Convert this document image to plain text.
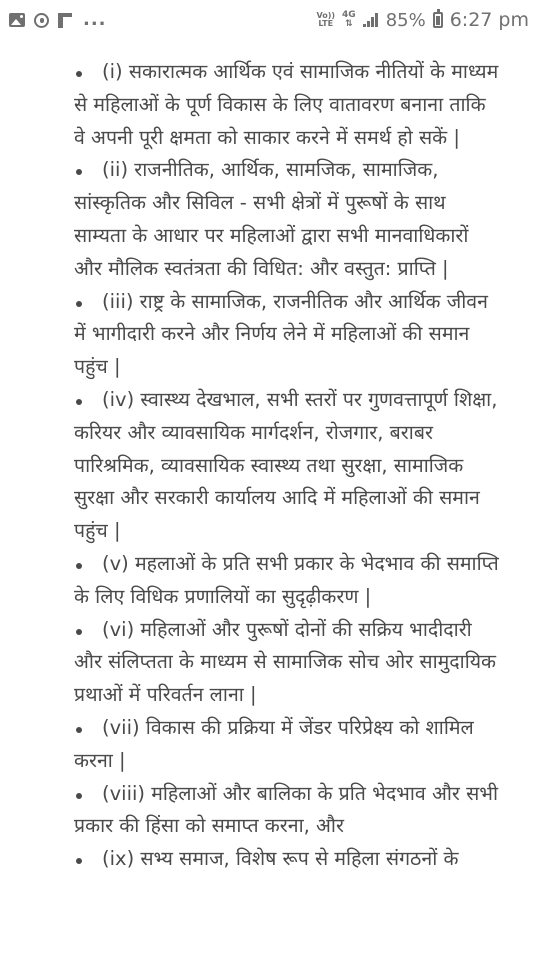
...	Vo))
LTE
4G
⇅ 85% 6:27 pm
(i) सकारात्मक आर्थिक एवं सामाजिक नीतियों के माध्यम से महिलाओं के पूर्ण विकास के लिए वातावरण बनाना ताकि वे अपनी पूरी क्षमता को साकार करने में समर्थ हो सकें |
(ii) राजनीतिक, आर्थिक, सामजिक, सामाजिक, सांस्कृतिक और सिविल - सभी क्षेत्रों में पुरूषों के साथ साम्यता के आधार पर महिलाओं द्वारा सभी मानवाधिकारों और मौलिक स्वतंत्रता की विधित: और वस्तुत: प्राप्ति |
(iii) राष्ट्र के सामाजिक, राजनीतिक और आर्थिक जीवन में भागीदारी करने और निर्णय लेने में महिलाओं की समान पहुंच |
(iv) स्वास्थ्य देखभाल, सभी स्तरों पर गुणवत्तापूर्ण शिक्षा, करियर और व्यावसायिक मार्गदर्शन, रोजगार, बराबर पारिश्रमिक, व्यावसायिक स्वास्थ्य तथा सुरक्षा, सामाजिक सुरक्षा और सरकारी कार्यालय आदि में महिलाओं की समान पहुंच |
(v) महलाओं के प्रति सभी प्रकार के भेदभाव की समाप्ति के लिए विधिक प्रणालियों का सुदृढ़ीकरण |
(vi) महिलाओं और पुरूषों दोनों की सक्रिय भादीदारी और संलिप्तता के माध्यम से सामाजिक सोच ओर सामुदायिक प्रथाओं में परिवर्तन लाना |
(vii) विकास की प्रक्रिया में जेंडर परिप्रेक्ष्य को शामिल करना |
(viii) महिलाओं और बालिका के प्रति भेदभाव और सभी प्रकार की हिंसा को समाप्त करना, और
(ix) सभ्य समाज, विशेष रूप से महिला संगठनों के
